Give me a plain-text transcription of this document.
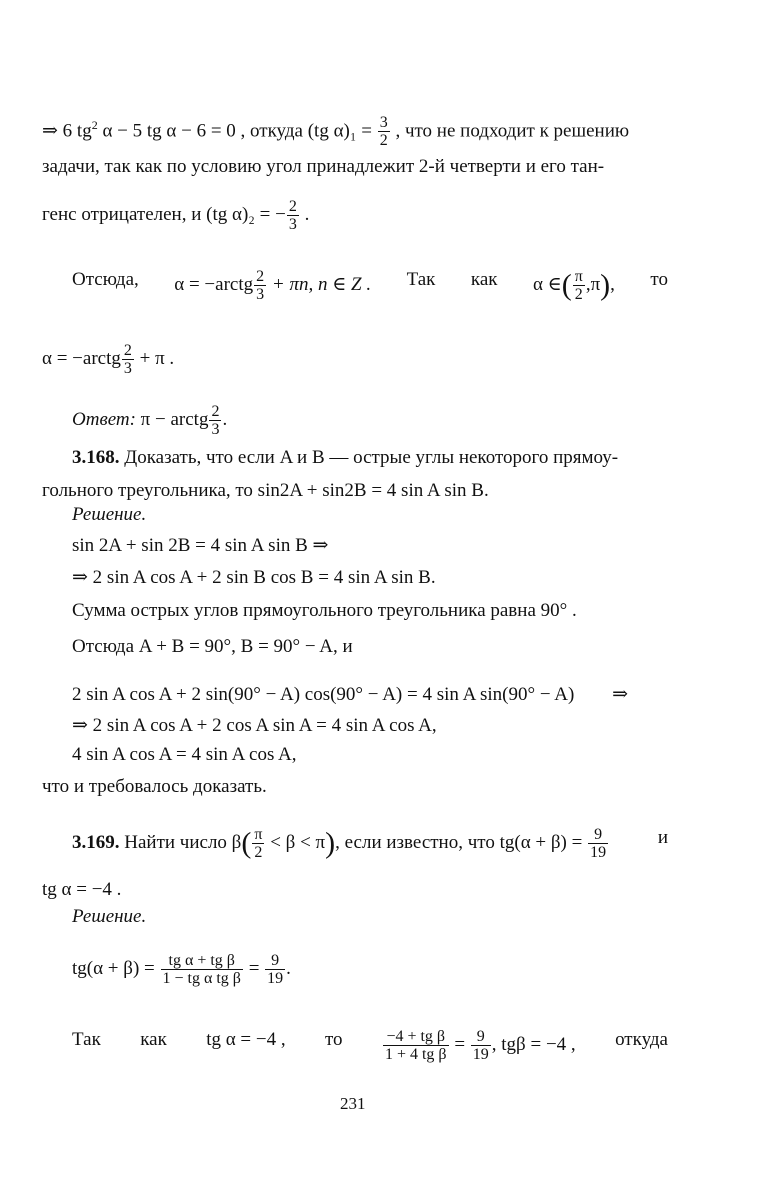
⇒ 6 $tg^2$ α − 5 tg α − 6 = 0 , откуда (tg $\alpha)_1 = \frac{3}{2}$ , что не подходит к решению
задачи, так как по условию угол принадлежит 2-й четверти и его тан-
генс отрицателен, и (tg α)₂ = − $\frac{2}{3}$ .
Отсюда, α = −arctg $\frac{2}{3} + \pi n$, n ∈ Z . Так как α ∈( $\frac{\pi}{2} ,\pi$), то
α = −arctg $\frac{2}{3} + \pi$ .
Ответ: π − arctg $\frac{2}{3}$ .
3.168. Доказать, что если A и B — острые углы некоторого прямоу-
гольного треугольника, то sin2A + sin2B = 4 sin A sin B.
Решение.
sin 2A + sin 2B = 4 sin A sin B ⇒
⇒ 2 sin A cos A + 2 sin B cos B = 4 sin A sin B.
Сумма острых углов прямоугольного треугольника равна 90° .
Отсюда A + B = 90°, B = 90° − A, и
2 sin A cos A + 2 sin(90° − A) cos(90° − A) = 4 sin A sin(90° − A) ⇒
⇒ 2 sin A cos A + 2 cos A sin A = 4 sin A cos A,
4 sin A cos A = 4 sin A cos A,
что и требовалось доказать.
3.169. Найти число $\beta( \frac{\pi}{2} < \beta < \pi)$, если известно, что $tg(\alpha + \beta) = \frac{9}{19}$	и
tg α = −4 .
Решение.
$tg(\alpha + \beta) = \frac{\text{tg α + tg β}}{\text{1 − tg α tg β}} = \frac{9}{19}$ .
Так как tg α = −4 , то	$\frac{\text{−4 + tg β}}{\text{1 + 4 tg β}} = \frac{9}{19}$ , tgβ = −4 , откуда
231
